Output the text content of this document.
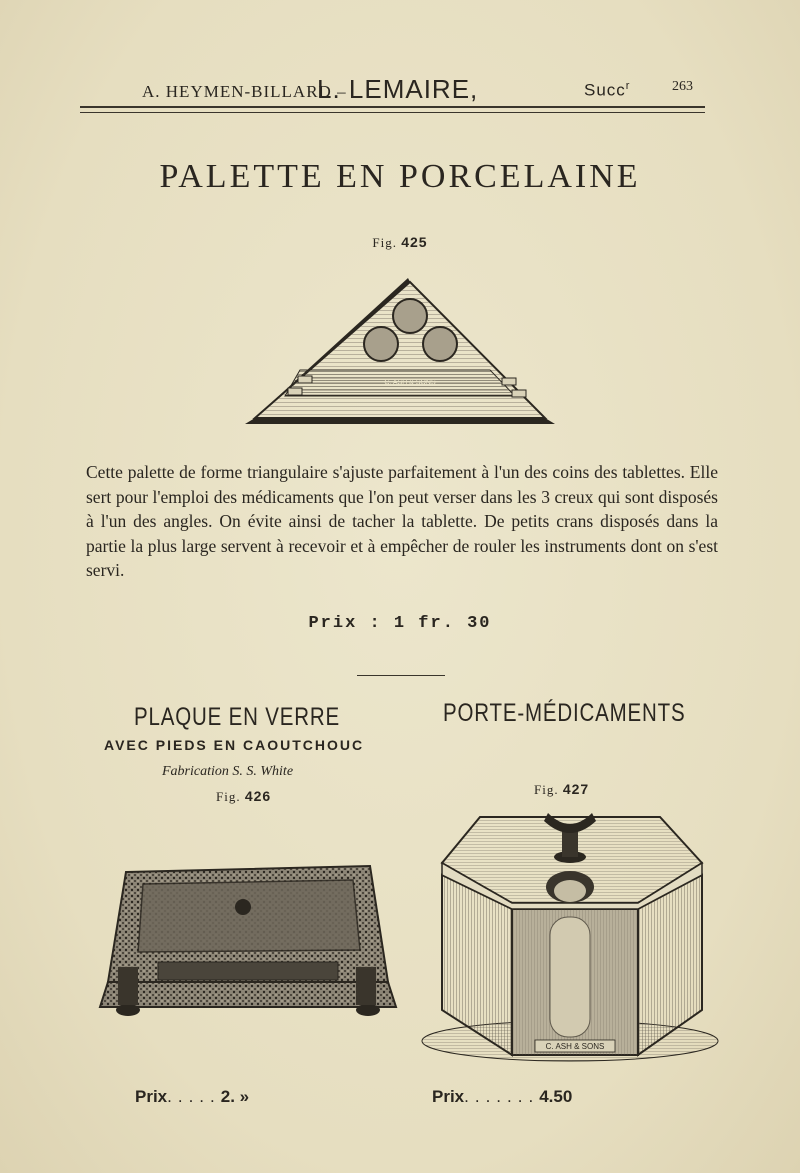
A. HEYMEN-BILLARD –
L. LEMAIRE,	Succ$^r$	263
PALETTE EN PORCELAINE
Fig. 425
C. ASH & SONS
Cette palette de forme triangulaire s'ajuste parfaitement à l'un des coins des tablettes. Elle sert pour l'emploi des médicaments que l'on peut verser dans les 3 creux qui sont disposés à l'un des angles. On évite ainsi de tacher la tablette. De petits crans disposés dans la partie la plus large servent à recevoir et à empêcher de rouler les instruments dont on s'est servi.
Prix : 1 fr. 30
PLAQUE EN VERRE
AVEC PIEDS EN CAOUTCHOUC
Fabrication S. S. White
Fig. 426
PORTE-MÉDICAMENTS
Fig. 427
C. ASH & SONS
Prix.....2. »	Prix.......4.50
